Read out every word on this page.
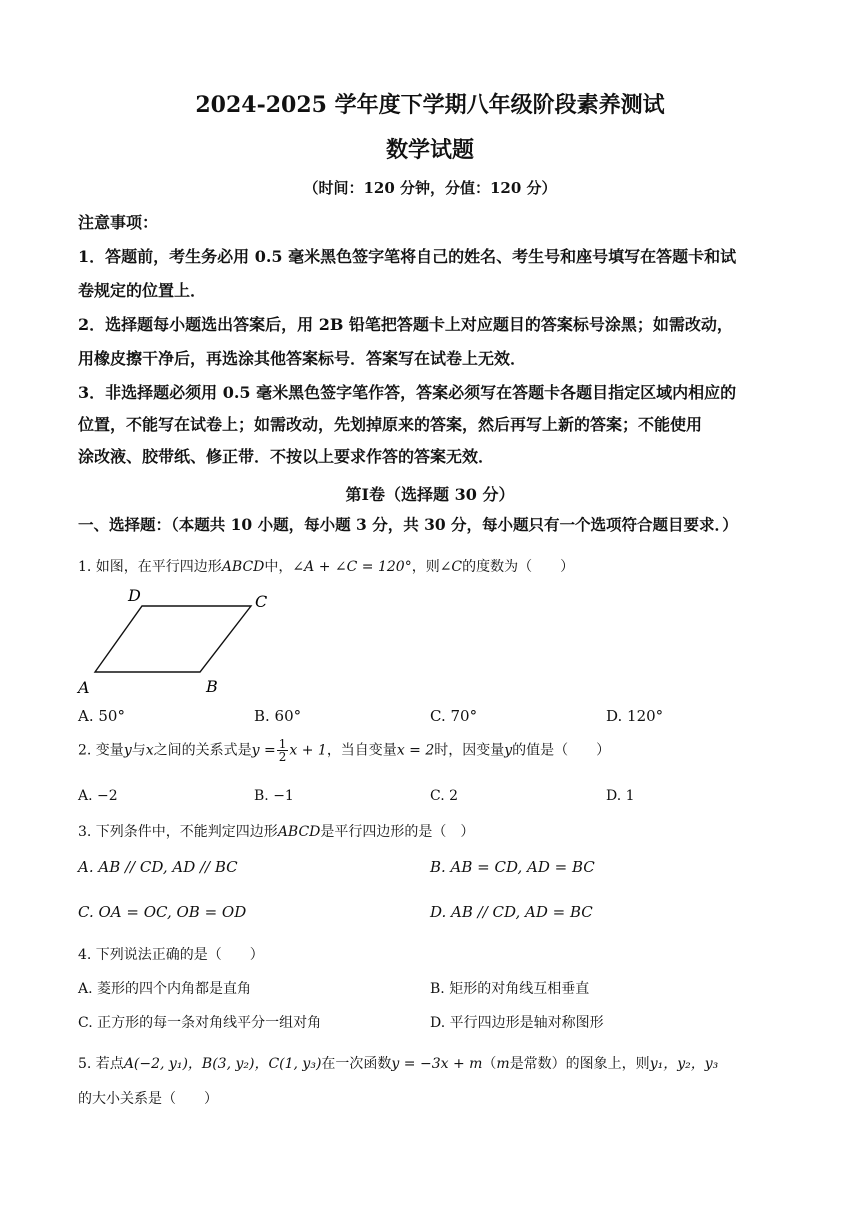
2024-2025 学年度下学期八年级阶段素养测试
数学试题
（时间：120 分钟，分值：120 分）
注意事项：
1．答题前，考生务必用 0.5 毫米黑色签字笔将自己的姓名、考生号和座号填写在答题卡和试
卷规定的位置上．
2．选择题每小题选出答案后，用 2B 铅笔把答题卡上对应题目的答案标号涂黑；如需改动，
用橡皮擦干净后，再选涂其他答案标号．答案写在试卷上无效．
3．非选择题必须用 0.5 毫米黑色签字笔作答，答案必须写在答题卡各题目指定区域内相应的
位置，不能写在试卷上；如需改动，先划掉原来的答案，然后再写上新的答案；不能使用
涂改液、胶带纸、修正带．不按以上要求作答的答案无效．
第Ⅰ卷（选择题 30 分）
一、选择题：（本题共 10 小题，每小题 3 分，共 30 分，每小题只有一个选项符合题目要求．）
1. 如图，在平行四边形ABCD中，∠A + ∠C = 120°，则∠C的度数为（　　）
D	C
A	B
A. 50°	B. 60°	C. 70°	D. 120°
2. 变量y与x之间的关系式是$y = \frac{1}{2}$ x + 1，当自变量x = 2时，因变量y的值是（　　）
A. −2	B. −1	C. 2	D. 1
3. 下列条件中，不能判定四边形ABCD是平行四边形的是（　）
A. AB // CD, AD // BC	B. AB = CD, AD = BC
C. OA = OC, OB = OD	D. AB // CD, AD = BC
4. 下列说法正确的是（　　）
A. 菱形的四个内角都是直角	B. 矩形的对角线互相垂直
C. 正方形的每一条对角线平分一组对角	D. 平行四边形是轴对称图形
5. 若点A(−2, y₁)，B(3, y₂)，C(1, y₃)在一次函数y = −3x + m（m是常数）的图象上，则y₁，y₂，y₃
的大小关系是（　　）
